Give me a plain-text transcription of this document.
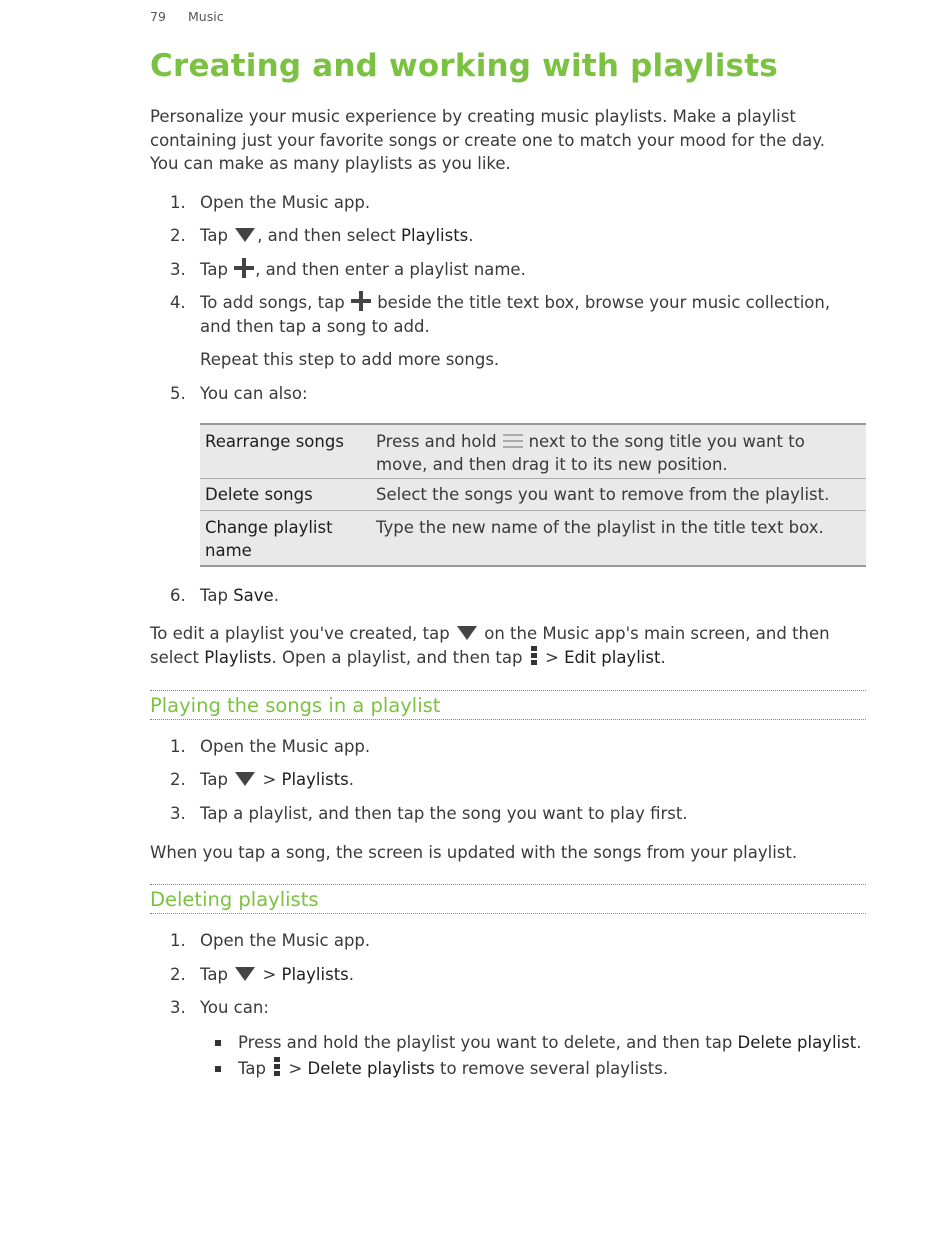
79 Music
Creating and working with playlists
Personalize your music experience by creating music playlists. Make a playlist
containing just your favorite songs or create one to match your mood for the day.
You can make as many playlists as you like.
1. Open the Music app.
2. Tap , and then select Playlists.
3. Tap , and then enter a playlist name.
4. To add songs, tap beside the title text box, browse your music collection,
and then tap a song to add.
Repeat this step to add more songs.
5. You can also:
Rearrange songs Press and hold next to the song title you want to
move, and then drag it to its new position.
Delete songs	Select the songs you want to remove from the playlist.
Change playlist
name
Type the new name of the playlist in the title text box.
6. Tap Save.
To edit a playlist you've created, tap on the Music app's main screen, and then
select Playlists. Open a playlist, and then tap > Edit playlist.
Playing the songs in a playlist
1. Open the Music app.
2. Tap > Playlists.
3. Tap a playlist, and then tap the song you want to play first.
When you tap a song, the screen is updated with the songs from your playlist.
Deleting playlists
1. Open the Music app.
2. Tap > Playlists.
3. You can:
Press and hold the playlist you want to delete, and then tap Delete playlist.
Tap > Delete playlists to remove several playlists.
